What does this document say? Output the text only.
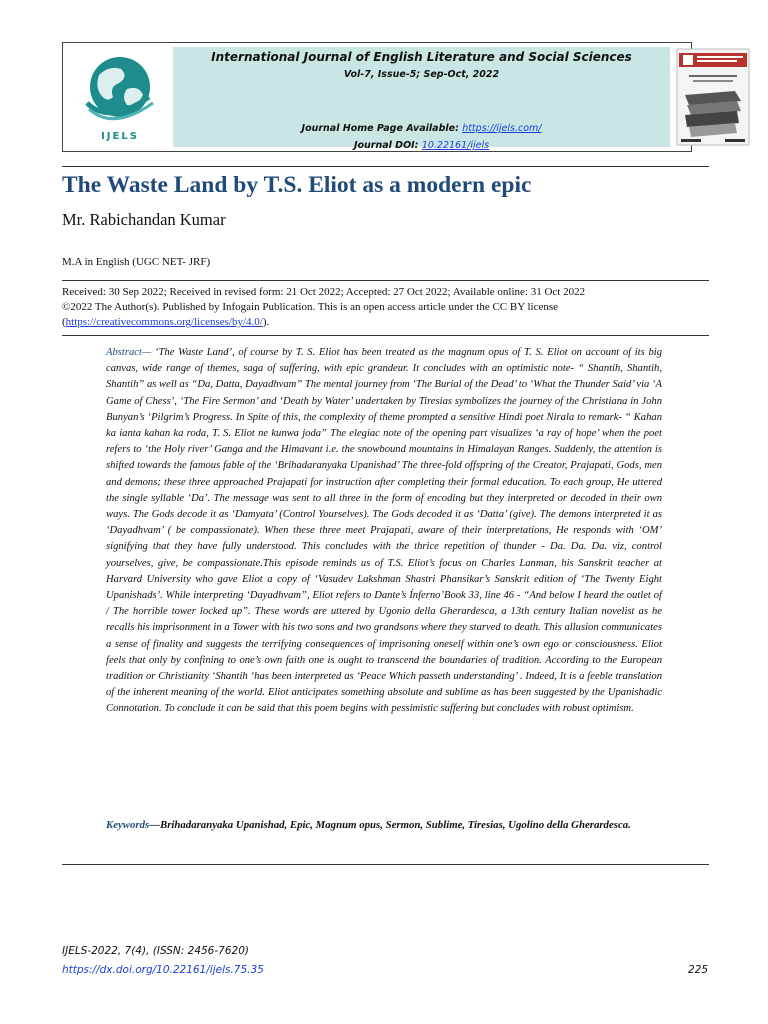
IJELS
International Journal of English Literature and Social Sciences
Vol-7, Issue-5; Sep-Oct, 2022
Journal Home Page Available: https://ijels.com/
Journal DOI: 10.22161/ijels
The Waste Land by T.S. Eliot as a modern epic
Mr. Rabichandan Kumar
M.A in English (UGC NET- JRF)
Received: 30 Sep 2022; Received in revised form: 21 Oct 2022; Accepted: 27 Oct 2022; Available online: 31 Oct 2022
©2022 The Author(s). Published by Infogain Publication. This is an open access article under the CC BY license
(https://creativecommons.org/licenses/by/4.0/).
Abstract— ‘The Waste Land’, of course by T. S. Eliot has been treated as the magnum opus of T. S. Eliot on account of its big canvas, wide range of themes, saga of suffering, with epic grandeur. It concludes with an optimistic note- “ Shantih, Shantih, Shantih” as well as “Da, Datta, Dayadhvam” The mental journey from ‘The Burial of the Dead’ to ‘What the Thunder Said’ via ‘A Game of Chess’, ‘The Fire Sermon’ and ‘Death by Water’ undertaken by Tiresias symbolizes the journey of the Christiana in John Bunyan’s ‘Pilgrim’s Progress. In Spite of this, the complexity of theme prompted a sensitive Hindi poet Nirala to remark- “ Kahan ka ianta kahan ka roda, T. S. Eliot ne kunwa joda” The elegiac note of the opening part visualizes ‘a ray of hope’ when the poet refers to ‘the Holy river’ Ganga and the Himavant i.e. the snowbound mountains in Himalayan Ranges. Suddenly, the attention is shifted towards the famous fable of the ‘Brihadaranyaka Upanishad’ The three-fold offspring of the Creator, Prajapati, Gods, men and demons; these three approached Prajapati for instruction after completing their formal education. To each group, He uttered the single syllable ‘Da’. The message was sent to all three in the form of encoding but they interpreted or decoded in their own ways. The Gods decode it as ‘Damyata’ (Control Yourselves). The Gods decoded it as ‘Datta’ (give). The demons interpreted it as ‘Dayadhvam’ ( be compassionate). When these three meet Prajapati, aware of their interpretations, He responds with ‘OM’ signifying that they have fully understood. This concludes with the thrice repetition of thunder - Da. Da. Da. viz, control yourselves, give, be compassionate.This episode reminds us of T.S. Eliot’s focus on Charles Lanman, his Sanskrit teacher at Harvard University who gave Eliot a copy of ‘Vasudev Lakshman Shastri Phansikar’s Sanskrit edition of ‘The Twenty Eight Upanishads’. While interpreting ‘Dayadhvam”, Eliot refers to Dante’s Ínferno’Book 33, line 46 - “And below I heard the outlet of / The horrible tower locked up”. These words are uttered by Ugonio della Gherardesca, a 13th century Italian novelist as he recalls his imprisonment in a Tower with his two sons and two grandsons where they starved to death. This allusion communicates a sense of finality and suggests the terrifying consequences of imprisoning oneself within one’s own ego or consciousness. Eliot feels that only by confining to one’s own faith one is ought to transcend the boundaries of tradition. According to the European tradition or Christianity ‘Shantih ‘has been interpreted as ‘Peace Which passeth understanding’ . Indeed, It is a feeble translation of the inherent meaning of the world. Eliot anticipates something absolute and sublime as has been suggested by the Upanishadic Connotation. To conclude it can be said that this poem begins with pessimistic suffering but concludes with robust optimism.
Keywords—Brihadaranyaka Upanishad, Epic, Magnum opus, Sermon, Sublime, Tiresias, Ugolino della Gherardesca.
IJELS-2022, 7(4), (ISSN: 2456-7620)
https://dx.doi.org/10.22161/ijels.75.35	225
